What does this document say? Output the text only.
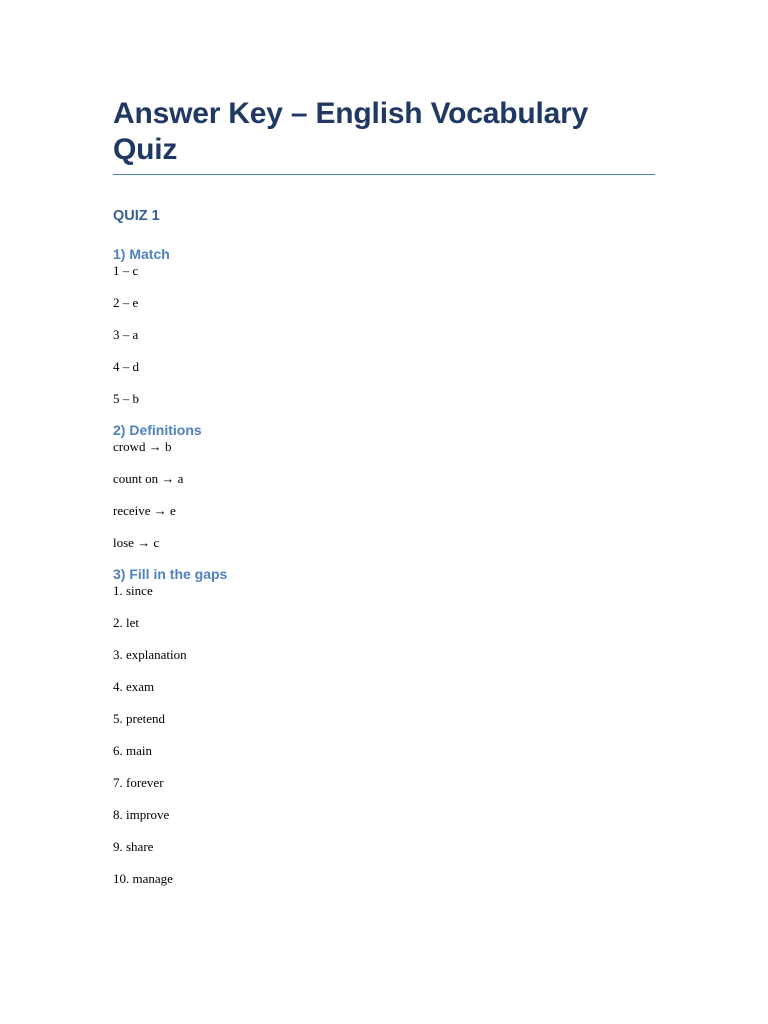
Answer Key – English Vocabulary Quiz
QUIZ 1
1) Match
1 – c
2 – e
3 – a
4 – d
5 – b
2) Definitions
crowd → b
count on → a
receive → e
lose → c
3) Fill in the gaps
1. since
2. let
3. explanation
4. exam
5. pretend
6. main
7. forever
8. improve
9. share
10. manage
